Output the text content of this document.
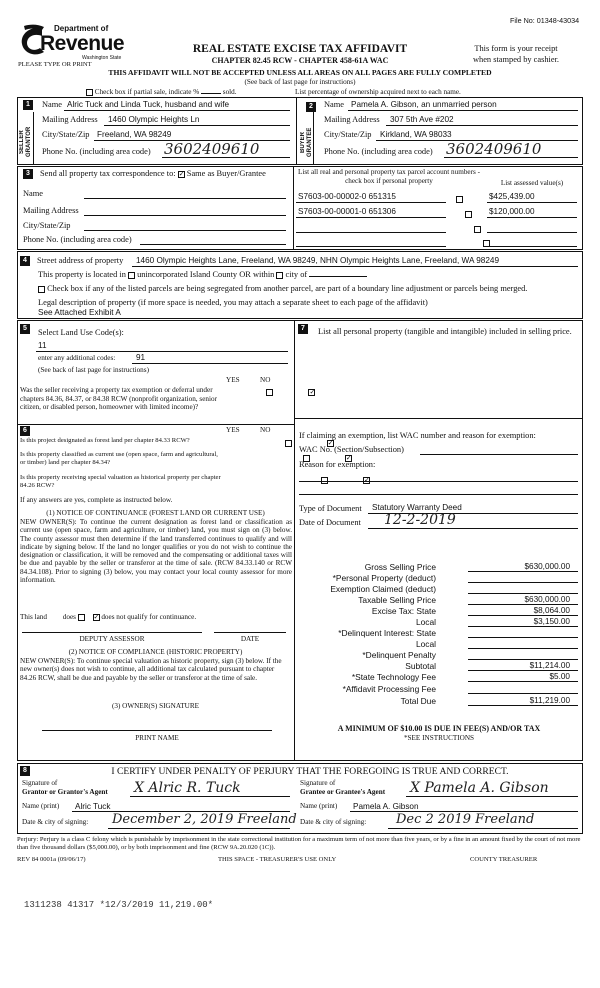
File No: 01348-43034
Department of
Revenue
Washington State
PLEASE TYPE OR PRINT
REAL ESTATE EXCISE TAX AFFIDAVIT
CHAPTER 82.45 RCW - CHAPTER 458-61A WAC
This form is your receipt
when stamped by cashier.
THIS AFFIDAVIT WILL NOT BE ACCEPTED UNLESS ALL AREAS ON ALL PAGES ARE FULLY COMPLETED
(See back of last page for instructions)
Check box if partial sale, indicate %	sold.	List percentage of ownership acquired next to each name.
1
SELLER GRANTOR
Name Alric Tuck and Linda Tuck, husband and wife
Mailing Address 1460 Olympic Heights Ln
City/State/Zip Freeland, WA 98249
Phone No. (including area code) 3602409610
2
BUYER GRANTEE
Name Pamela A. Gibson, an unmarried person
Mailing Address 307 5th Ave #202
City/State/Zip Kirkland, WA 98033
Phone No. (including area code) 3602409610
3	Send all property tax correspondence to: ✓ Same as Buyer/Grantee
Name
Mailing Address
City/State/Zip
Phone No. (including area code)
List all real and personal property tax parcel account numbers - check box if personal property	List assessed value(s)
S7603-00-00002-0 651315
	$425,439.00
S7603-00-00001-0 651306
	$120,000.00

4	Street address of property 1460 Olympic Heights Lane, Freeland, WA 98249, NHN Olympic Heights Lane, Freeland, WA 98249
This property is located in unincorporated Island County OR within city of
Check box if any of the listed parcels are being segregated from another parcel, are part of a boundary line adjustment or parcels being merged.
Legal description of property (if more space is needed, you may attach a separate sheet to each page of the affidavit)
See Attached Exhibit A
5	Select Land Use Code(s):
11
enter any additional codes:	91
(See back of last page for instructions)
YES	NO
Was the seller receiving a property tax exemption or deferral under chapters 84.36, 84.37, or 84.38 RCW (nonprofit organization, senior citizen, or disabled person, homeowner with limited income)?
✓
6	YES	NO
Is this project designated as forest land per chapter 84.33 RCW?	✓
Is this property classified as current use (open space, farm and agricultural, or timber) land per chapter 84.34?
✓
Is this property receiving special valuation as historical property per chapter 84.26 RCW?
✓
If any answers are yes, complete as instructed below.
(1) NOTICE OF CONTINUANCE (FOREST LAND OR CURRENT USE)
NEW OWNER(S): To continue the current designation as forest land or classification as current use (open space, farm and agriculture, or timber) land, you must sign on (3) below. The county assessor must then determine if the land transferred continues to qualify and will indicate by signing below. If the land no longer qualifies or you do not wish to continue the designation or classification, it will be removed and the compensating or additional taxes will be due and payable by the seller or transferor at the time of sale. (RCW 84.33.140 or RCW 84.34.108). Prior to signing (3) below, you may contact your local county assessor for more information.
This land does	✓ does not qualify for continuance.
DEPUTY ASSESSOR	DATE
(2) NOTICE OF COMPLIANCE (HISTORIC PROPERTY)
NEW OWNER(S): To continue special valuation as historic property, sign (3) below. If the new owner(s) does not wish to continue, all additional tax calculated pursuant to chapter 84.26 RCW, shall be due and payable by the seller or transferor at the time of sale.
(3) OWNER(S) SIGNATURE
PRINT NAME
7	List all personal property (tangible and intangible) included in selling price.
If claiming an exemption, list WAC number and reason for exemption:
WAC No. (Section/Subsection)
Reason for exemption:
Type of Document Statutory Warranty Deed
Date of Document 12-2-2019
Gross Selling Price	$630,000.00
*Personal Property (deduct)
Exemption Claimed (deduct)
Taxable Selling Price	$630,000.00
Excise Tax: State	$8,064.00
Local	$3,150.00
*Delinquent Interest: State
Local
*Delinquent Penalty
Subtotal	$11,214.00
*State Technology Fee	$5.00
*Affidavit Processing Fee
Total Due	$11,219.00
A MINIMUM OF $10.00 IS DUE IN FEE(S) AND/OR TAX
*SEE INSTRUCTIONS
8	I CERTIFY UNDER PENALTY OF PERJURY THAT THE FOREGOING IS TRUE AND CORRECT.
Signature of
Grantor or Grantor's Agent X Alric R. Tuck
Name (print) Alric Tuck
Date & city of signing: December 2, 2019 Freeland
Signature of
Grantee or Grantee's Agent X Pamela A. Gibson
Name (print) Pamela A. Gibson
Date & city of signing: Dec 2 2019 Freeland
Perjury: Perjury is a class C felony which is punishable by imprisonment in the state correctional institution for a maximum term of not more than five years, or by a fine in an amount fixed by the court of not more than five thousand dollars ($5,000.00), or by both imprisonment and fine (RCW 9A.20.020 (1C)).
REV 84 0001a (09/06/17)	THIS SPACE - TREASURER'S USE ONLY	COUNTY TREASURER
1311238 41317 *12/3/2019 11,219.00*
